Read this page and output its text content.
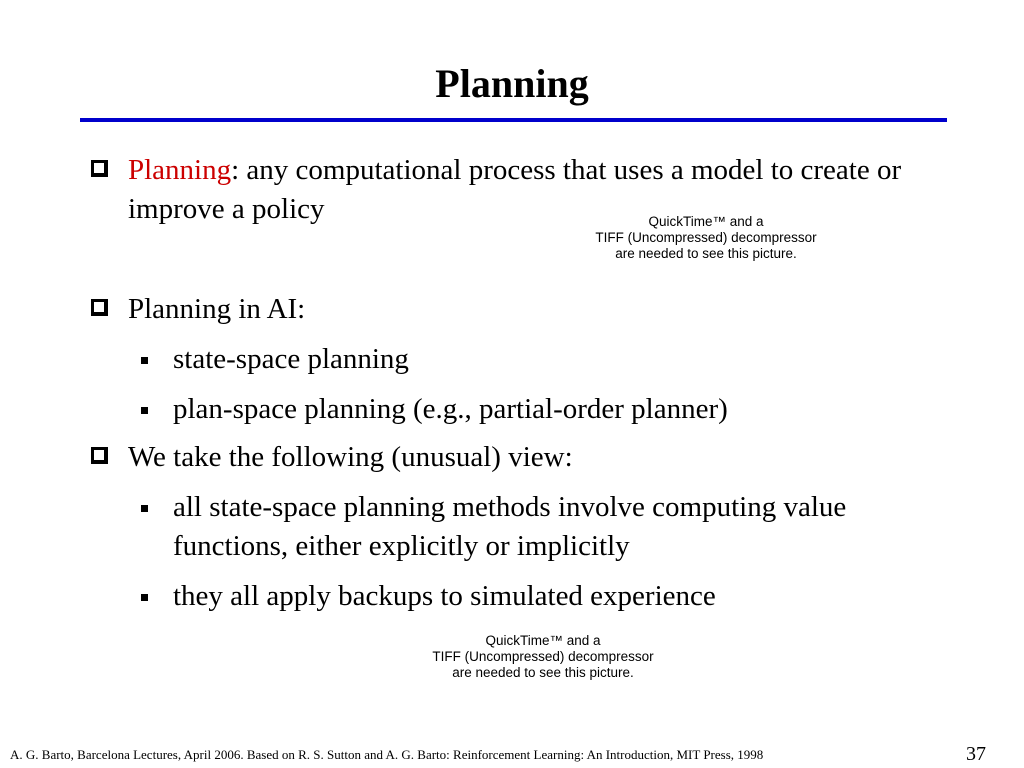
Planning
Planning: any computational process that uses a model to create or improve a policy	QuickTime™ and a
TIFF (Uncompressed) decompressor
are needed to see this picture.
Planning in AI:
state-space planning
plan-space planning (e.g., partial-order planner)
We take the following (unusual) view:
all state-space planning methods involve computing value functions, either explicitly or implicitly
they all apply backups to simulated experience
QuickTime™ and a
TIFF (Uncompressed) decompressor
are needed to see this picture.
A. G. Barto, Barcelona Lectures, April 2006. Based on R. S. Sutton and A. G. Barto: Reinforcement Learning: An Introduction, MIT Press, 1998	37
